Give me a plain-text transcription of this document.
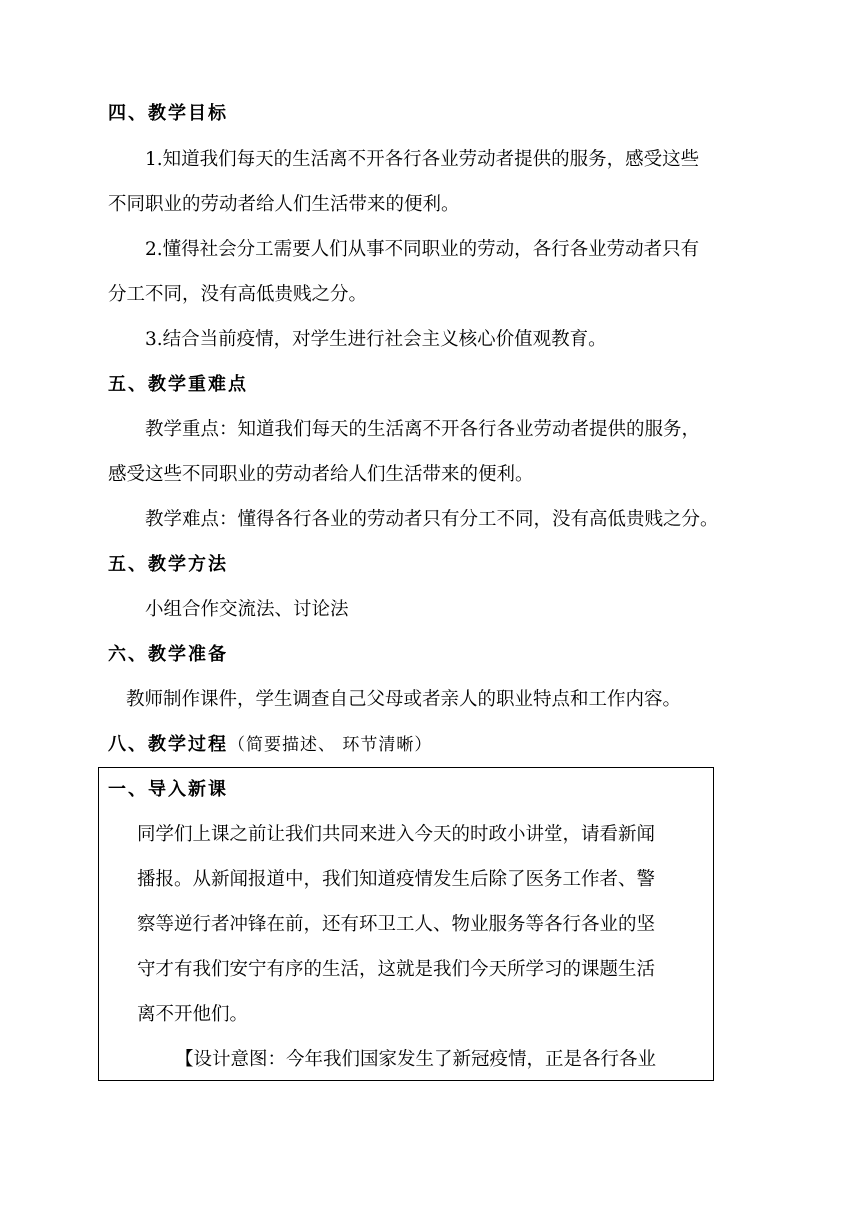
四、教学目标
1.知道我们每天的生活离不开各行各业劳动者提供的服务，感受这些
不同职业的劳动者给人们生活带来的便利。
2.懂得社会分工需要人们从事不同职业的劳动，各行各业劳动者只有
分工不同，没有高低贵贱之分。
3.结合当前疫情，对学生进行社会主义核心价值观教育。
五、教学重难点
教学重点：知道我们每天的生活离不开各行各业劳动者提供的服务，
感受这些不同职业的劳动者给人们生活带来的便利。
教学难点：懂得各行各业的劳动者只有分工不同，没有高低贵贱之分。
五、教学方法
小组合作交流法、讨论法
六、教学准备
教师制作课件，学生调查自己父母或者亲人的职业特点和工作内容。
八、教学过程（简要描述、 环节清晰）
一、导入新课
同学们上课之前让我们共同来进入今天的时政小讲堂，请看新闻
播报。从新闻报道中，我们知道疫情发生后除了医务工作者、警
察等逆行者冲锋在前，还有环卫工人、物业服务等各行各业的坚
守才有我们安宁有序的生活，这就是我们今天所学习的课题生活
离不开他们。
【设计意图：今年我们国家发生了新冠疫情，正是各行各业
